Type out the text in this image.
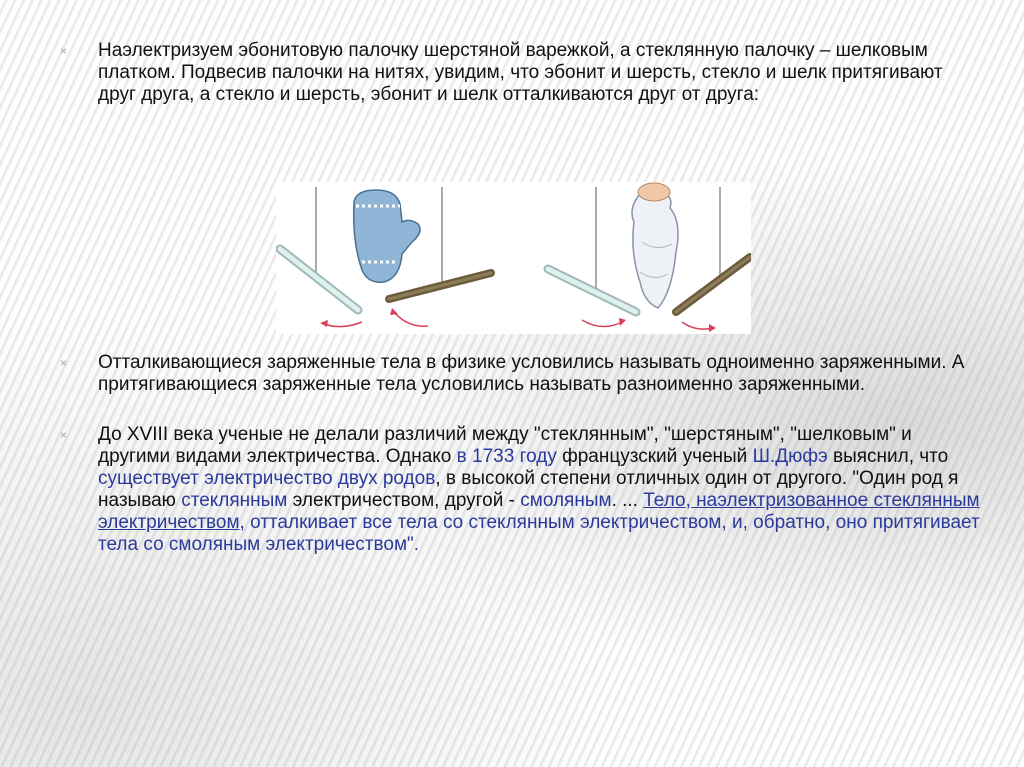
×	Наэлектризуем эбонитовую палочку шерстяной варежкой, а стеклянную палочку – шелковым платком. Подвесив палочки на нитях, увидим, что эбонит и шерсть, стекло и шелк притягивают друг друга, а стекло и шерсть, эбонит и шелк отталкиваются друг от друга:
×	Отталкивающиеся заряженные тела в физике условились называть одноименно заряженными. А притягивающиеся заряженные тела условились называть разноименно заряженными.
×	До XVIII века ученые не делали различий между "стеклянным", "шерстяным", "шелковым" и другими видами электричества. Однако в 1733 году французский ученый Ш.Дюфэ выяснил, что существует электричество двух родов, в высокой степени отличных один от другого. "Один род я называю стеклянным электричеством, другой - смоляным. ... Тело, наэлектризованное стеклянным электричеством, отталкивает все тела со стеклянным электричеством, и, обратно, оно притягивает тела со смоляным электричеством".
